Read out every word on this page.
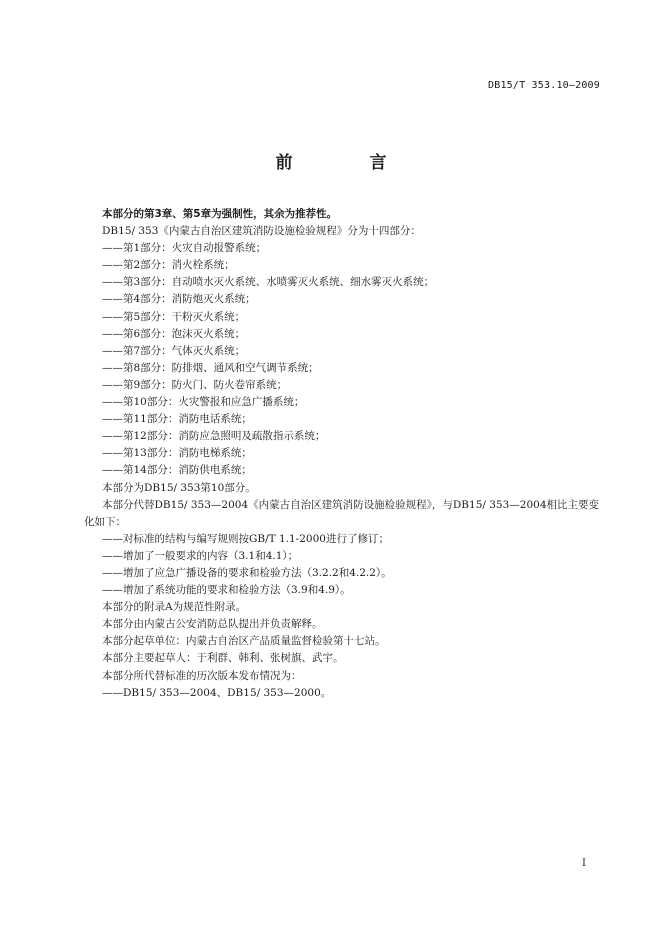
DB15/T 353.10—2009
前　言
本部分的第3章、第5章为强制性，其余为推荐性。
DB15/ 353《内蒙古自治区建筑消防设施检验规程》分为十四部分：
——第1部分：火灾自动报警系统；
——第2部分：消火栓系统；
——第3部分：自动喷水灭火系统、水喷雾灭火系统、细水雾灭火系统；
——第4部分：消防炮灭火系统；
——第5部分：干粉灭火系统；
——第6部分：泡沫灭火系统；
——第7部分：气体灭火系统；
——第8部分：防排烟、通风和空气调节系统；
——第9部分：防火门、防火卷帘系统；
——第10部分：火灾警报和应急广播系统；
——第11部分：消防电话系统；
——第12部分：消防应急照明及疏散指示系统；
——第13部分：消防电梯系统；
——第14部分：消防供电系统；
本部分为DB15/ 353第10部分。
本部分代替DB15/ 353—2004《内蒙古自治区建筑消防设施检验规程》，与DB15/ 353—2004相比主要变化如下：
——对标准的结构与编写规则按GB/T 1.1-2000进行了修订；
——增加了一般要求的内容（3.1和4.1）；
——增加了应急广播设备的要求和检验方法（3.2.2和4.2.2）。
——增加了系统功能的要求和检验方法（3.9和4.9）。
本部分的附录A为规范性附录。
本部分由内蒙古公安消防总队提出并负责解释。
本部分起草单位：内蒙古自治区产品质量监督检验第十七站。
本部分主要起草人：于利群、韩利、张树旗、武宇。
本部分所代替标准的历次版本发布情况为：
——DB15/ 353—2004、DB15/ 353—2000。
I
